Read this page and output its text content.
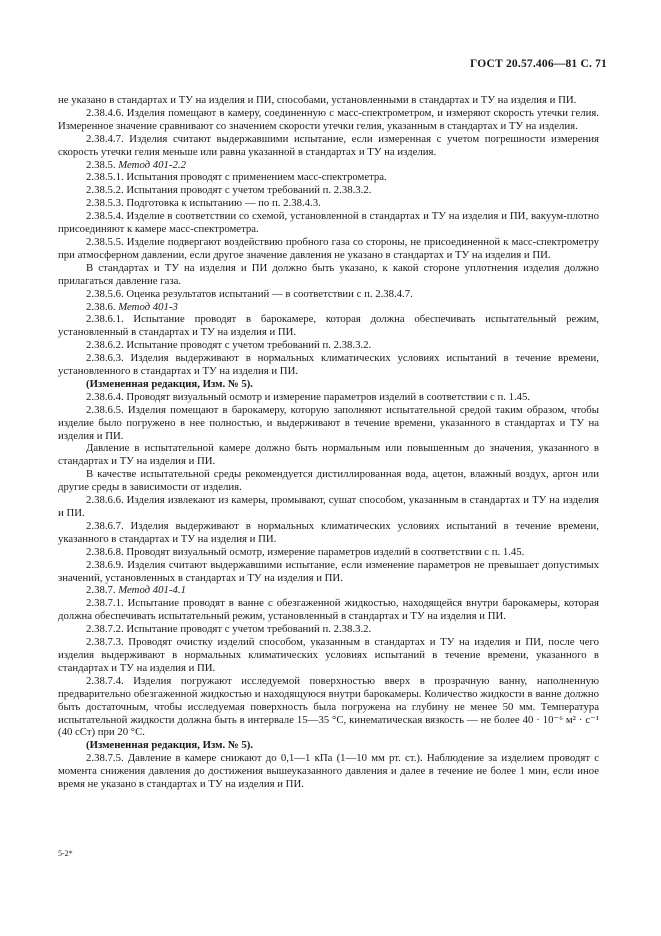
ГОСТ 20.57.406—81 С. 71

не указано в стандартах и ТУ на изделия и ПИ, способами, установленными в стандартах и ТУ на изделия и ПИ.

2.38.4.6. Изделия помещают в камеру, соединенную с масс-спектрометром, и измеряют скорость утечки гелия. Измеренное значение сравнивают со значением скорости утечки гелия, указанным в стандартах и ТУ на изделия.

2.38.4.7. Изделия считают выдержавшими испытание, если измеренная с учетом погрешности измерения скорость утечки гелия меньше или равна указанной в стандартах и ТУ на изделия.

2.38.5. Метод 401-2.2

2.38.5.1. Испытания проводят с применением масс-спектрометра.

2.38.5.2. Испытания проводят с учетом требований п. 2.38.3.2.

2.38.5.3. Подготовка к испытанию — по п. 2.38.4.3.

2.38.5.4. Изделие в соответствии со схемой, установленной в стандартах и ТУ на изделия и ПИ, вакуум-плотно присоединяют к камере масс-спектрометра.

2.38.5.5. Изделие подвергают воздействию пробного газа со стороны, не присоединенной к масс-спектрометру при атмосферном давлении, если другое значение давления не указано в стандартах и ТУ на изделия и ПИ.

В стандартах и ТУ на изделия и ПИ должно быть указано, к какой стороне уплотнения изделия должно прилагаться давление газа.

2.38.5.6. Оценка результатов испытаний — в соответствии с п. 2.38.4.7.

2.38.6. Метод 401-3

2.38.6.1. Испытание проводят в барокамере, которая должна обеспечивать испытательный режим, установленный в стандартах и ТУ на изделия и ПИ.

2.38.6.2. Испытание проводят с учетом требований п. 2.38.3.2.

2.38.6.3. Изделия выдерживают в нормальных климатических условиях испытаний в течение времени, установленного в стандартах и ТУ на изделия и ПИ.

(Измененная редакция, Изм. № 5).

2.38.6.4. Проводят визуальный осмотр и измерение параметров изделий в соответствии с п. 1.45.

2.38.6.5. Изделия помещают в барокамеру, которую заполняют испытательной средой таким образом, чтобы изделие было погружено в нее полностью, и выдерживают в течение времени, указанного в стандартах и ТУ на изделия и ПИ.

Давление в испытательной камере должно быть нормальным или повышенным до значения, указанного в стандартах и ТУ на изделия и ПИ.

В качестве испытательной среды рекомендуется дистиллированная вода, ацетон, влажный воздух, аргон или другие среды в зависимости от изделия.

2.38.6.6. Изделия извлекают из камеры, промывают, сушат способом, указанным в стандартах и ТУ на изделия и ПИ.

2.38.6.7. Изделия выдерживают в нормальных климатических условиях испытаний в течение времени, указанного в стандартах и ТУ на изделия и ПИ.

2.38.6.8. Проводят визуальный осмотр, измерение параметров изделий в соответствии с п. 1.45.

2.38.6.9. Изделия считают выдержавшими испытание, если изменение параметров не превышает допустимых значений, установленных в стандартах и ТУ на изделия и ПИ.

2.38.7. Метод 401-4.1

2.38.7.1. Испытание проводят в ванне с обезгаженной жидкостью, находящейся внутри барокамеры, которая должна обеспечивать испытательный режим, установленный в стандартах и ТУ на изделия и ПИ.

2.38.7.2. Испытание проводят с учетом требований п. 2.38.3.2.

2.38.7.3. Проводят очистку изделий способом, указанным в стандартах и ТУ на изделия и ПИ, после чего изделия выдерживают в нормальных климатических условиях испытаний в течение времени, указанного в стандартах и ТУ на изделия и ПИ.

2.38.7.4. Изделия погружают исследуемой поверхностью вверх в прозрачную ванну, наполненную предварительно обезгаженной жидкостью и находящуюся внутри барокамеры. Количество жидкости в ванне должно быть достаточным, чтобы исследуемая поверхность была погружена на глубину не менее 50 мм. Температура испытательной жидкости должна быть в интервале 15—35 °С, кинематическая вязкость — не более 40 · 10⁻⁶ м² · с⁻¹ (40 сСт) при 20 °С.

(Измененная редакция, Изм. № 5).

2.38.7.5. Давление в камере снижают до 0,1—1 кПа (1—10 мм рт. ст.). Наблюдение за изделием проводят с момента снижения давления до достижения вышеуказанного давления и далее в течение не более 1 мин, если иное время не указано в стандартах и ТУ на изделия и ПИ.

5-2*
